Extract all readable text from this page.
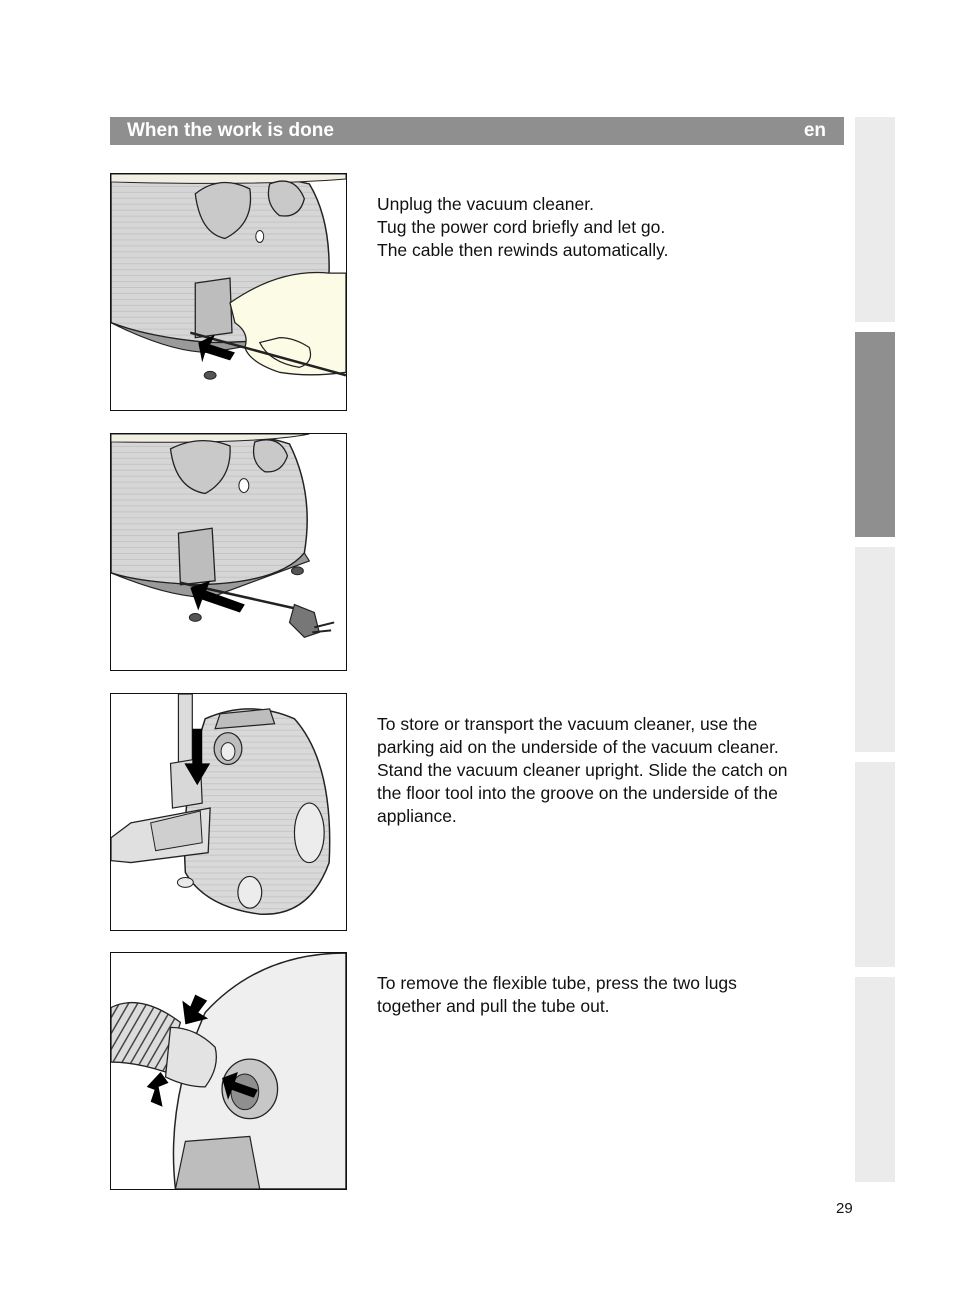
When the work is done	en

Unplug the vacuum cleaner.

Tug the power cord briefly and let go.

The cable then rewinds automatically.

To store or transport the vacuum cleaner, use the

parking aid on the underside of the vacuum cleaner.

Stand the vacuum cleaner upright. Slide the catch on

the floor tool into the groove on the underside of the

appliance.

To remove the flexible tube, press the two lugs

together and pull the tube out.

29
